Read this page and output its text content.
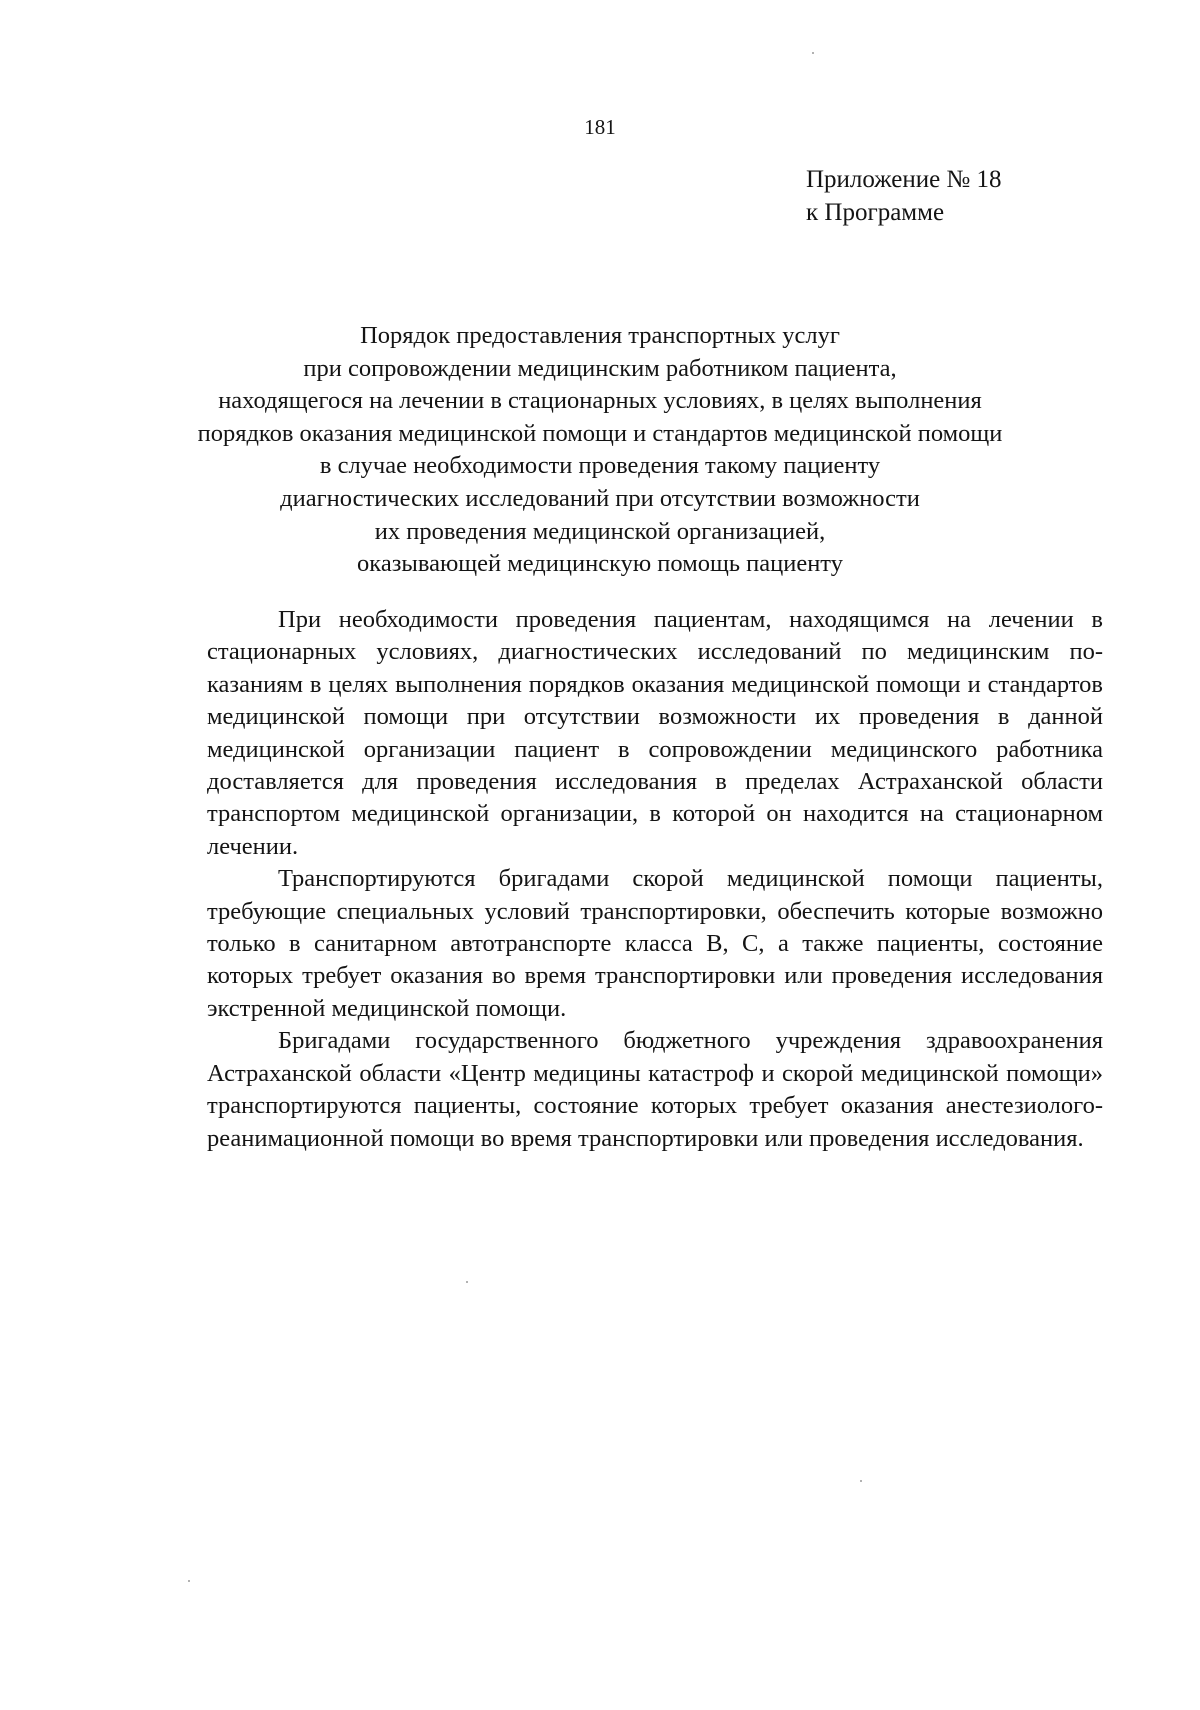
181
Приложение № 18
к Программе
Порядок предоставления транспортных услуг
при сопровождении медицинским работником пациента,
находящегося на лечении в стационарных условиях, в целях выполнения
порядков оказания медицинской помощи и стандартов медицинской помощи
в случае необходимости проведения такому пациенту
диагностических исследований при отсутствии возможности
их проведения медицинской организацией,
оказывающей медицинскую помощь пациенту

При необходимости проведения пациентам, находящимся на лечении в стационарных условиях, диагностических исследований по медицинским показаниям в целях выполнения порядков оказания медицинской помощи и стандартов медицинской помощи при отсутствии возможности их проведения в данной медицинской организации пациент в сопровождении медицинского работника доставляется для проведения исследования в пределах Астраханской области транспортом медицинской организации, в которой он находится на стационарном лечении.

Транспортируются бригадами скорой медицинской помощи пациенты, требующие специальных условий транспортировки, обеспечить которые возможно только в санитарном автотранспорте класса B, C, а также пациенты, состояние которых требует оказания во время транспортировки или проведения исследования экстренной медицинской помощи.

Бригадами государственного бюджетного учреждения здравоохранения Астраханской области «Центр медицины катастроф и скорой медицинской помощи» транспортируются пациенты, состояние которых требует оказания анестезиолого-реанимационной помощи во время транспортировки или проведения исследования.
